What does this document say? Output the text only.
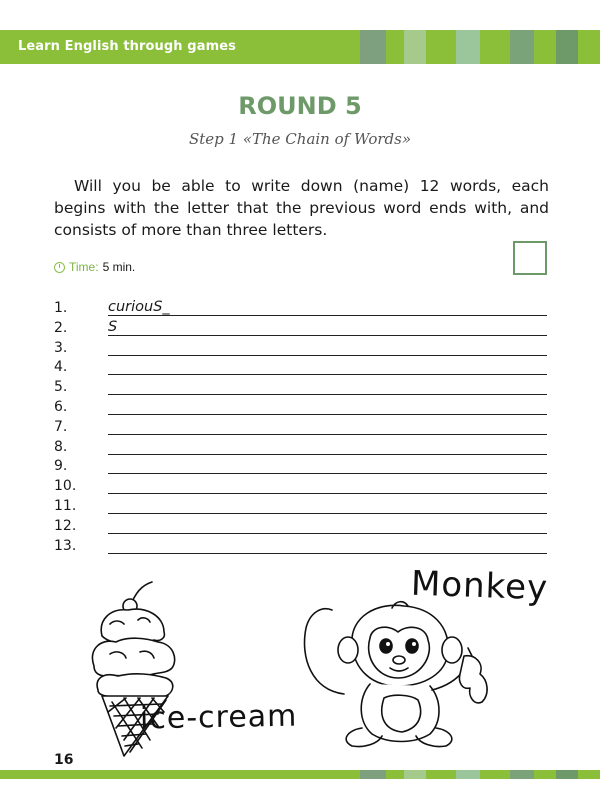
Learn English through games
ROUND 5
Step 1 «The Chain of Words»
Will you be able to write down (name) 12 words, each begins with the letter that the previous word ends with, and consists of more than three letters.
Time: 5 min.
1.	curiouS_
2.	S
3.
4.
5.
6.
7.
8.
9.
10.
11.
12.
13.
ice-cream
Monkey
16
